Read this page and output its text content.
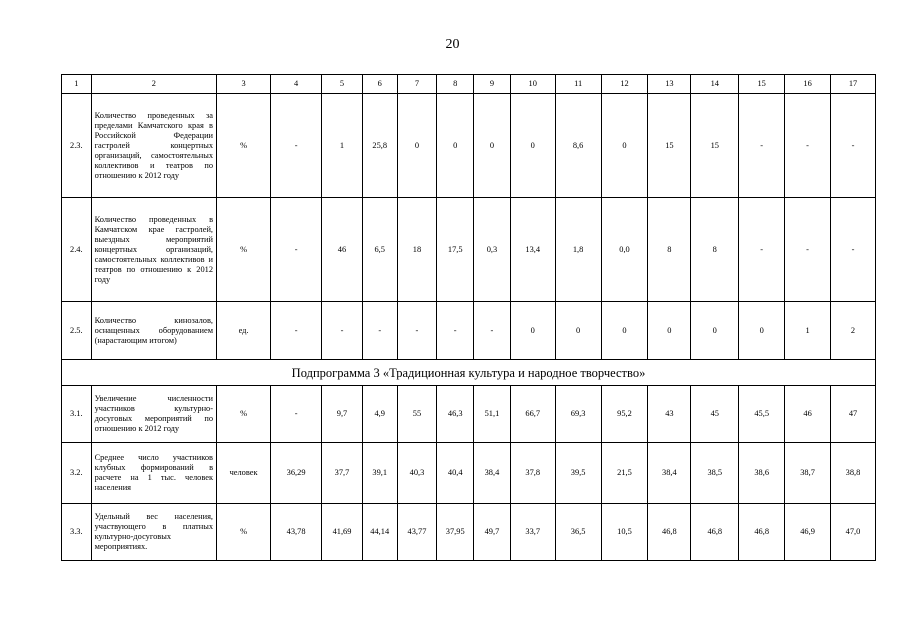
20
1	2	3	4	5	6	7	8	9	10	11	12	13	14	15	16	17
2.3.	Количество проведенных за пределами Камчатского края в Российской Федерации гастролей концертных организаций, самостоятельных коллективов и театров по отношению к 2012 году	%	-	1	25,8	0	0	0	0	8,6	0	15	15	-	-	-
2.4.	Количество проведенных в Камчатском крае гастролей, выездных мероприятий концертных организаций, самостоятельных коллективов и театров по отношению к 2012 году	%	-	46	6,5	18	17,5	0,3	13,4	1,8	0,0	8	8	-	-	-
2.5.	Количество кинозалов, оснащенных оборудованием (нарастающим итогом)	ед.	-	-	-	-	-	-	0	0	0	0	0	0	1	2
Подпрограмма 3 «Традиционная культура и народное творчество»																
3.1.	Увеличение численности участников культурно-досуговых мероприятий по отношению к 2012 году	%	-	9,7	4,9	55	46,3	51,1	66,7	69,3	95,2	43	45	45,5	46	47
3.2.	Среднее число участников клубных формирований в расчете на 1 тыс. человек населения	человек	36,29	37,7	39,1	40,3	40,4	38,4	37,8	39,5	21,5	38,4	38,5	38,6	38,7	38,8
3.3.	Удельный вес населения, участвующего в платных культурно-досуговых мероприятиях.	%	43,78	41,69	44,14	43,77	37,95	49,7	33,7	36,5	10,5	46,8	46,8	46,8	46,9	47,0
